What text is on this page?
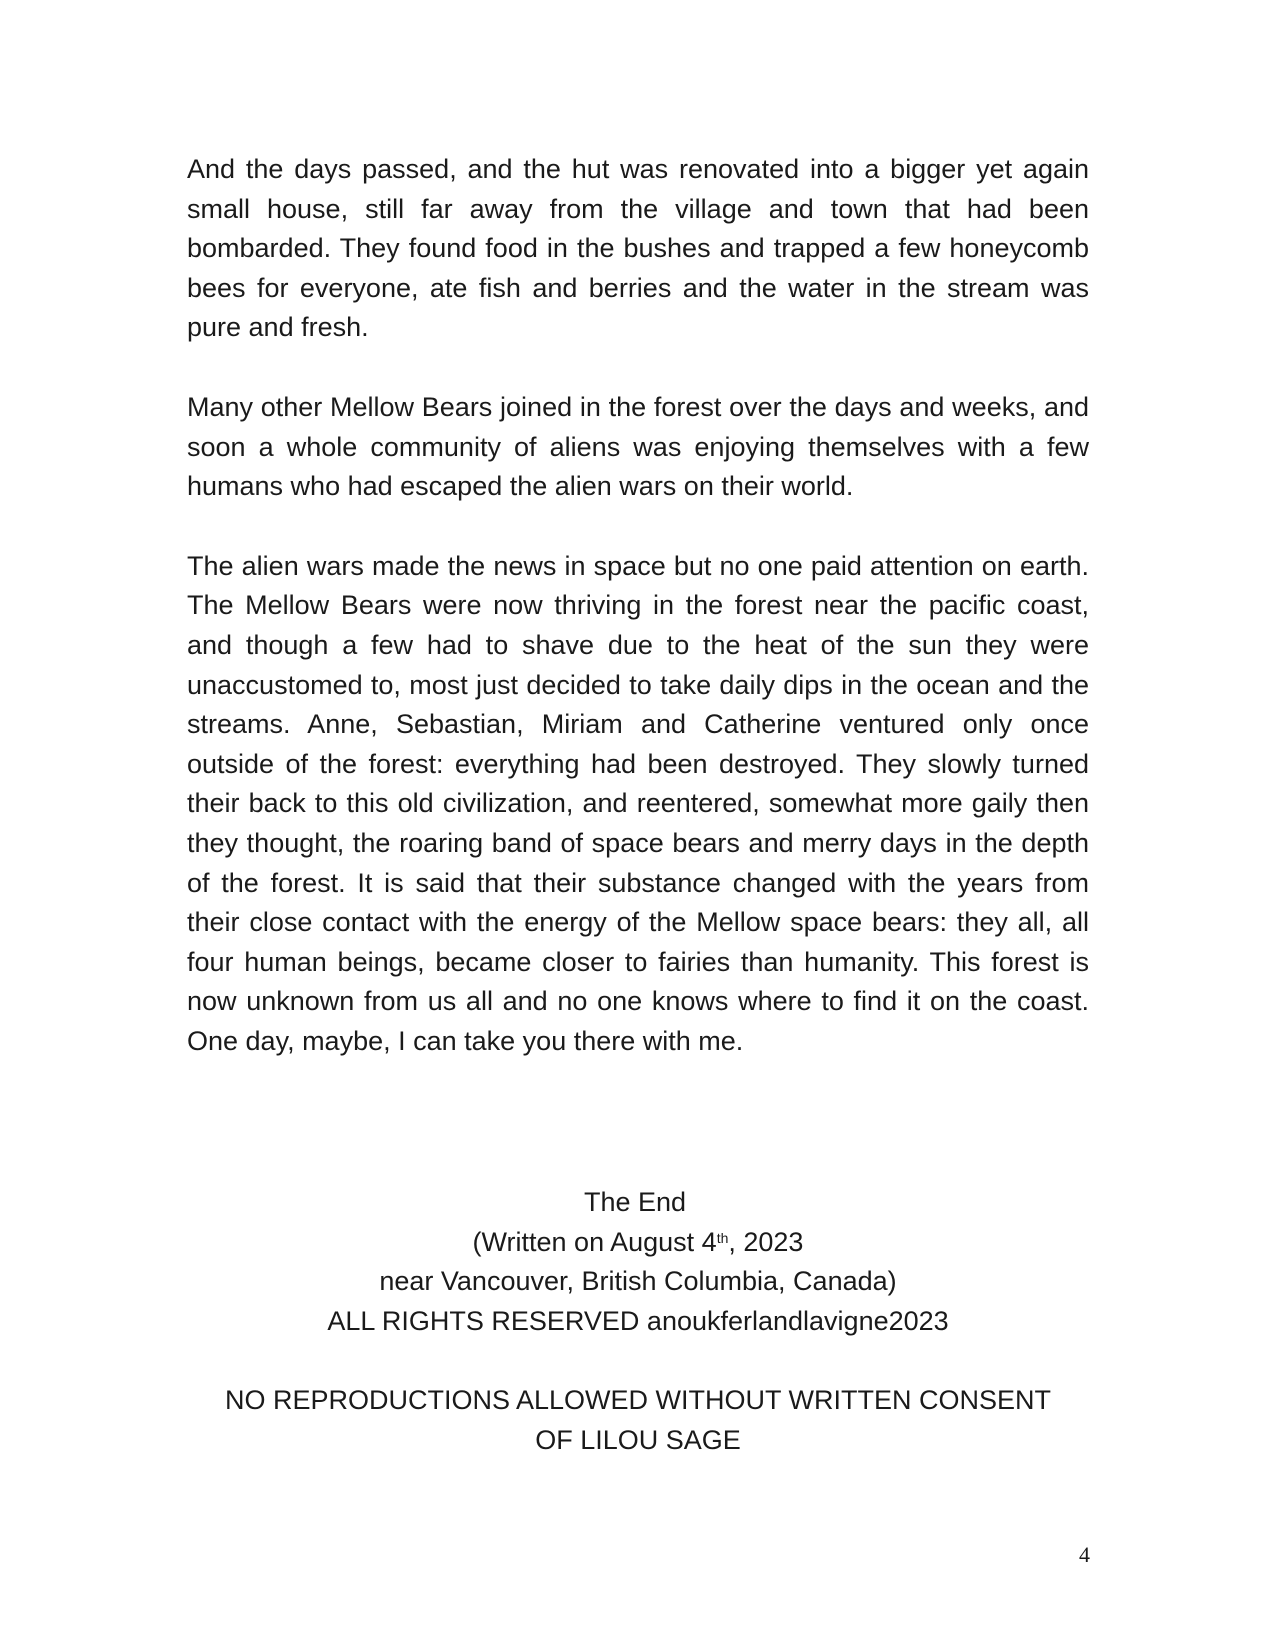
And the days passed, and the hut was renovated into a bigger yet again small house, still far away from the village and town that had been bombarded. They found food in the bushes and trapped a few honeycomb bees for everyone, ate fish and berries and the water in the stream was pure and fresh.
Many other Mellow Bears joined in the forest over the days and weeks, and soon a whole community of aliens was enjoying themselves with a few humans who had escaped the alien wars on their world.
The alien wars made the news in space but no one paid attention on earth. The Mellow Bears were now thriving in the forest near the pacific coast, and though a few had to shave due to the heat of the sun they were unaccustomed to, most just decided to take daily dips in the ocean and the streams. Anne, Sebastian, Miriam and Catherine ventured only once outside of the forest: everything had been destroyed. They slowly turned their back to this old civilization, and reentered, somewhat more gaily then they thought, the roaring band of space bears and merry days in the depth of the forest. It is said that their substance changed with the years from their close contact with the energy of the Mellow space bears: they all, all four human beings, became closer to fairies than humanity. This forest is now unknown from us all and no one knows where to find it on the coast. One day, maybe, I can take you there with me.
The End
(Written on August 4th, 2023
near Vancouver, British Columbia, Canada)
ALL RIGHTS RESERVED anoukferlandlavigne2023
NO REPRODUCTIONS ALLOWED WITHOUT WRITTEN CONSENT
OF LILOU SAGE
4
